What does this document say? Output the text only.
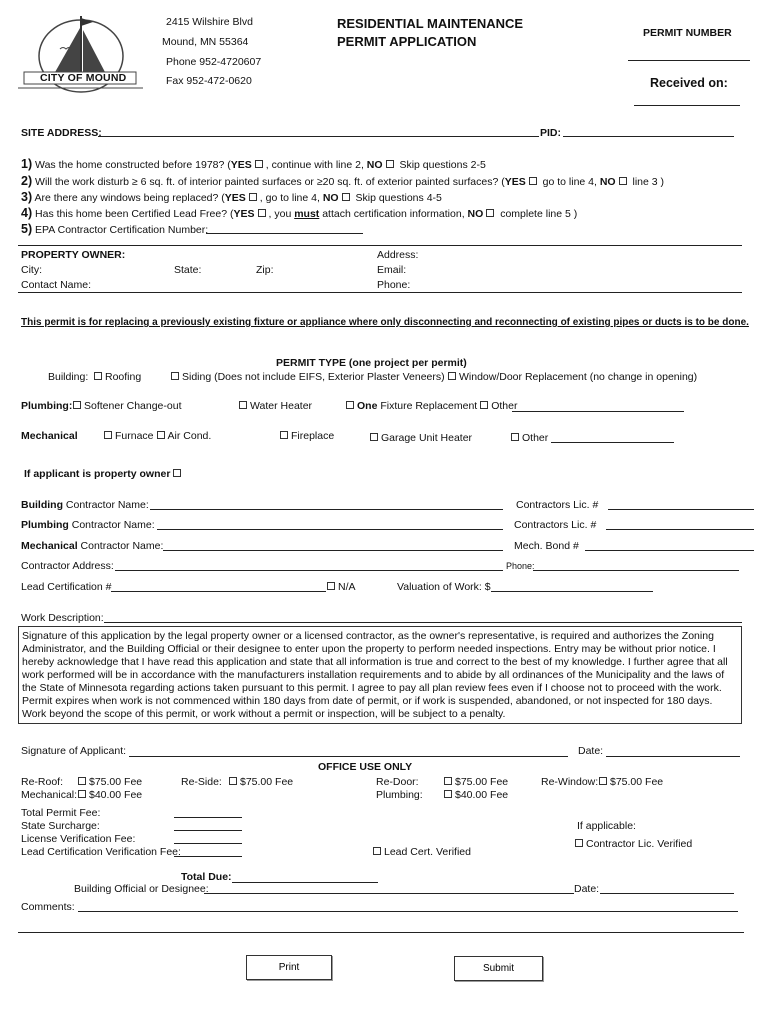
CITY OF MOUND
2415 Wilshire Blvd
Mound, MN 55364
Phone 952-4720607
Fax 952-472-0620
RESIDENTIAL MAINTENANCE
PERMIT APPLICATION
PERMIT NUMBER
Received on:
SITE ADDRESS:	PID:
1) Was the home constructed before 1978? (YES , continue with line 2, NO Skip questions 2-5
2) Will the work disturb ≥ 6 sq. ft. of interior painted surfaces or ≥20 sq. ft. of exterior painted surfaces? (YES go to line 4, NO line 3 )
3) Are there any windows being replaced? (YES , go to line 4, NO Skip questions 4-5
4) Has this home been Certified Lead Free? (YES , you must attach certification information, NO complete line 5 )
5) EPA Contractor Certification Number:
PROPERTY OWNER:	Address:
City:	State:	Zip:	Email:
Contact Name:	Phone:
This permit is for replacing a previously existing fixture or appliance where only disconnecting and reconnecting of existing pipes or ducts is to be done.
PERMIT TYPE (one project per permit)
Building:	Roofing	Siding (Does not include EIFS, Exterior Plaster Veneers)	Window/Door Replacement (no change in opening)
Plumbing:	Softener Change-out	Water Heater	One Fixture Replacement Other
Mechanical	Furnace Air Cond.	Fireplace	Garage Unit Heater	Other
If applicant is property owner
Building Contractor Name:	Contractors Lic. #
Plumbing Contractor Name:	Contractors Lic. #
Mechanical Contractor Name:	Mech. Bond #
Contractor Address:	Phone:
Lead Certification #	N/A	Valuation of Work: $
Work Description:
Signature of this application by the legal property owner or a licensed contractor, as the owner's representative, is required and authorizes the Zoning Administrator, and the Building Official or their designee to enter upon the property to perform needed inspections. Entry may be without prior notice. I hereby acknowledge that I have read this application and state that all information is true and correct to the best of my knowledge. I further agree that all work performed will be in accordance with the manufacturers installation requirements and to abide by all ordinances of the Municipality and the laws of the State of Minnesota regarding actions taken pursuant to this permit. I agree to pay all plan review fees even if I choose not to proceed with the work. Permit expires when work is not commenced within 180 days from date of permit, or if work is suspended, abandoned, or not inspected for 180 days. Work beyond the scope of this permit, or work without a permit or inspection, will be subject to a penalty.
Signature of Applicant:	Date:
OFFICE USE ONLY
Re-Roof:	$75.00 Fee	Re-Side:	$75.00 Fee	Re-Door:	$75.00 Fee	Re-Window:	$75.00 Fee
Mechanical:	$40.00 Fee	Plumbing:	$40.00 Fee
Total Permit Fee:
State Surcharge:
License Verification Fee:
Lead Certification Verification Fee:
If applicable:
Contractor Lic. Verified
Lead Cert. Verified
Total Due:
Building Official or Designee:	Date:
Comments:
Print	Submit
